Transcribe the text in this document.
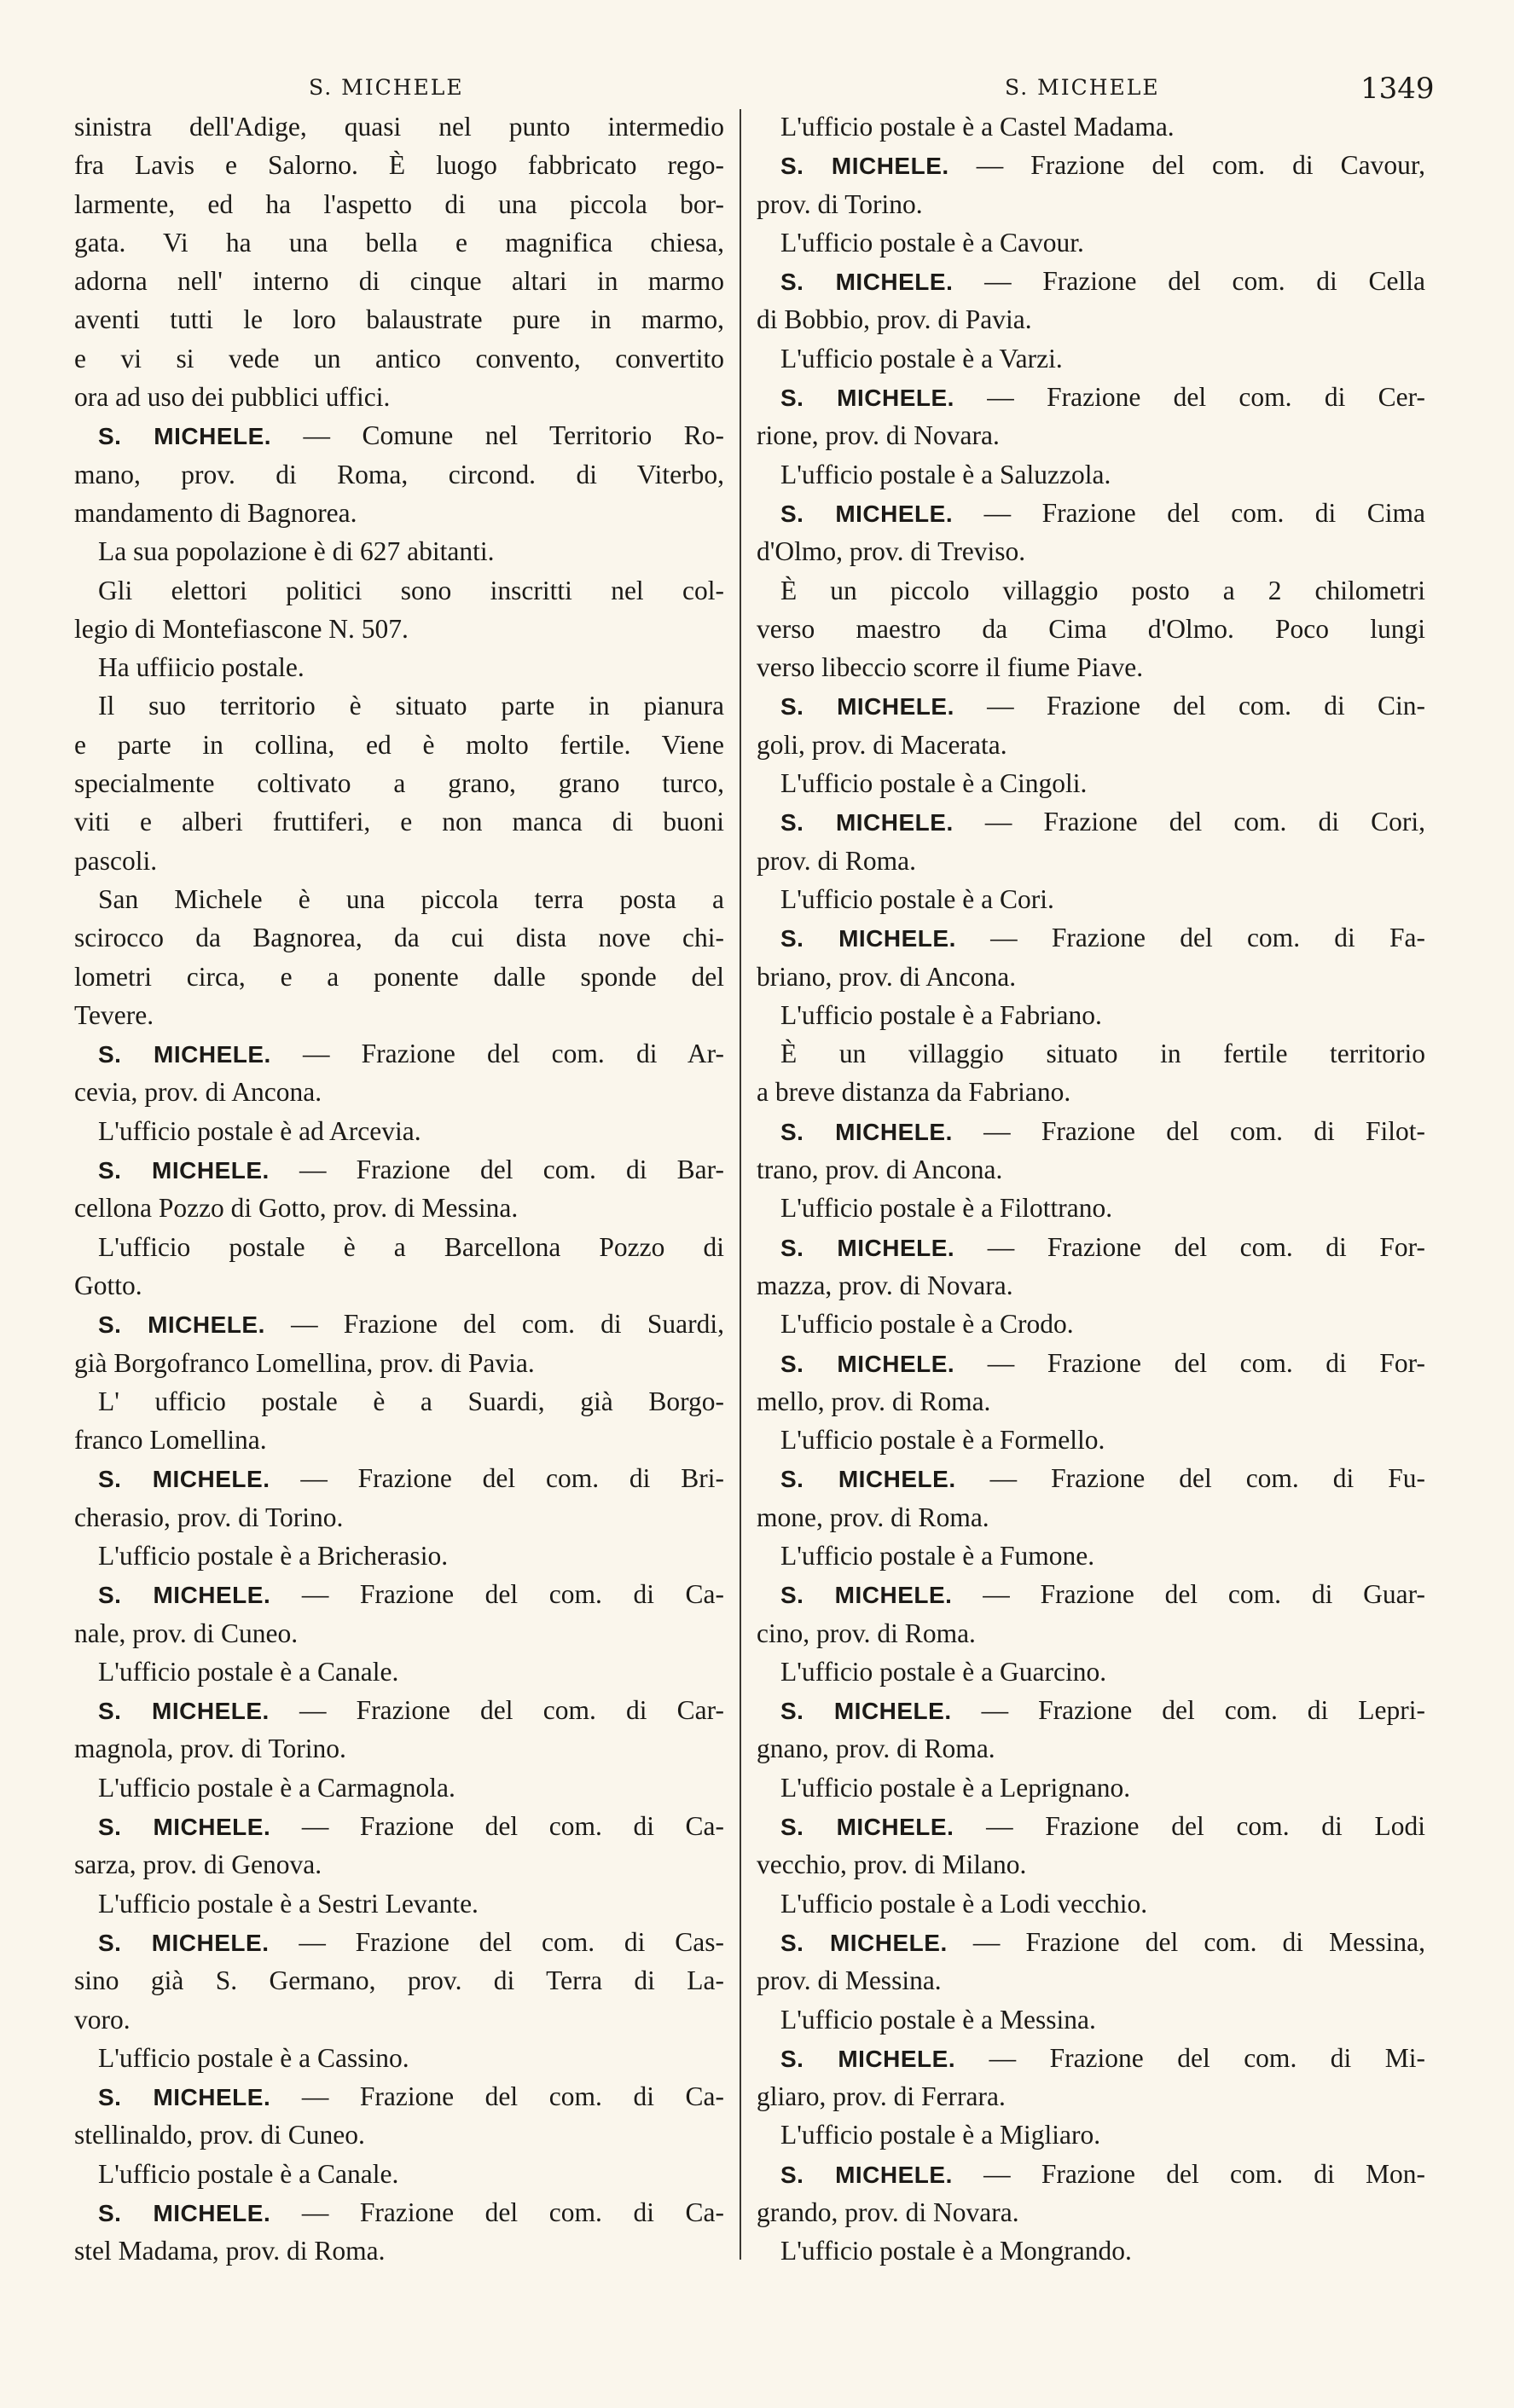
S. MICHELE	S. MICHELE	1349
sinistra dell'Adige, quasi nel punto intermedio
fra Lavis e Salorno. È luogo fabbricato rego-
larmente, ed ha l'aspetto di una piccola bor-
gata. Vi ha una bella e magnifica chiesa,
adorna nell' interno di cinque altari in marmo
aventi tutti le loro balaustrate pure in marmo,
e vi si vede un antico convento, convertito
ora ad uso dei pubblici uffici.
S. MICHELE. — Comune nel Territorio Ro-
mano, prov. di Roma, circond. di Viterbo,
mandamento di Bagnorea.
La sua popolazione è di 627 abitanti.
Gli elettori politici sono inscritti nel col-
legio di Montefiascone N. 507.
Ha uffiicio postale.
Il suo territorio è situato parte in pianura
e parte in collina, ed è molto fertile. Viene
specialmente coltivato a grano, grano turco,
viti e alberi fruttiferi, e non manca di buoni
pascoli.
San Michele è una piccola terra posta a
scirocco da Bagnorea, da cui dista nove chi-
lometri circa, e a ponente dalle sponde del
Tevere.
S. MICHELE. — Frazione del com. di Ar-
cevia, prov. di Ancona.
L'ufficio postale è ad Arcevia.
S. MICHELE. — Frazione del com. di Bar-
cellona Pozzo di Gotto, prov. di Messina.
L'ufficio postale è a Barcellona Pozzo di
Gotto.
S. MICHELE. — Frazione del com. di Suardi,
già Borgofranco Lomellina, prov. di Pavia.
L' ufficio postale è a Suardi, già Borgo-
franco Lomellina.
S. MICHELE. — Frazione del com. di Bri-
cherasio, prov. di Torino.
L'ufficio postale è a Bricherasio.
S. MICHELE. — Frazione del com. di Ca-
nale, prov. di Cuneo.
L'ufficio postale è a Canale.
S. MICHELE. — Frazione del com. di Car-
magnola, prov. di Torino.
L'ufficio postale è a Carmagnola.
S. MICHELE. — Frazione del com. di Ca-
sarza, prov. di Genova.
L'ufficio postale è a Sestri Levante.
S. MICHELE. — Frazione del com. di Cas-
sino già S. Germano, prov. di Terra di La-
voro.
L'ufficio postale è a Cassino.
S. MICHELE. — Frazione del com. di Ca-
stellinaldo, prov. di Cuneo.
L'ufficio postale è a Canale.
S. MICHELE. — Frazione del com. di Ca-
stel Madama, prov. di Roma.
L'ufficio postale è a Castel Madama.
S. MICHELE. — Frazione del com. di Cavour,
prov. di Torino.
L'ufficio postale è a Cavour.
S. MICHELE. — Frazione del com. di Cella
di Bobbio, prov. di Pavia.
L'ufficio postale è a Varzi.
S. MICHELE. — Frazione del com. di Cer-
rione, prov. di Novara.
L'ufficio postale è a Saluzzola.
S. MICHELE. — Frazione del com. di Cima
d'Olmo, prov. di Treviso.
È un piccolo villaggio posto a 2 chilometri
verso maestro da Cima d'Olmo. Poco lungi
verso libeccio scorre il fiume Piave.
S. MICHELE. — Frazione del com. di Cin-
goli, prov. di Macerata.
L'ufficio postale è a Cingoli.
S. MICHELE. — Frazione del com. di Cori,
prov. di Roma.
L'ufficio postale è a Cori.
S. MICHELE. — Frazione del com. di Fa-
briano, prov. di Ancona.
L'ufficio postale è a Fabriano.
È un villaggio situato in fertile territorio
a breve distanza da Fabriano.
S. MICHELE. — Frazione del com. di Filot-
trano, prov. di Ancona.
L'ufficio postale è a Filottrano.
S. MICHELE. — Frazione del com. di For-
mazza, prov. di Novara.
L'ufficio postale è a Crodo.
S. MICHELE. — Frazione del com. di For-
mello, prov. di Roma.
L'ufficio postale è a Formello.
S. MICHELE. — Frazione del com. di Fu-
mone, prov. di Roma.
L'ufficio postale è a Fumone.
S. MICHELE. — Frazione del com. di Guar-
cino, prov. di Roma.
L'ufficio postale è a Guarcino.
S. MICHELE. — Frazione del com. di Lepri-
gnano, prov. di Roma.
L'ufficio postale è a Leprignano.
S. MICHELE. — Frazione del com. di Lodi
vecchio, prov. di Milano.
L'ufficio postale è a Lodi vecchio.
S. MICHELE. — Frazione del com. di Messina,
prov. di Messina.
L'ufficio postale è a Messina.
S. MICHELE. — Frazione del com. di Mi-
gliaro, prov. di Ferrara.
L'ufficio postale è a Migliaro.
S. MICHELE. — Frazione del com. di Mon-
grando, prov. di Novara.
L'ufficio postale è a Mongrando.
